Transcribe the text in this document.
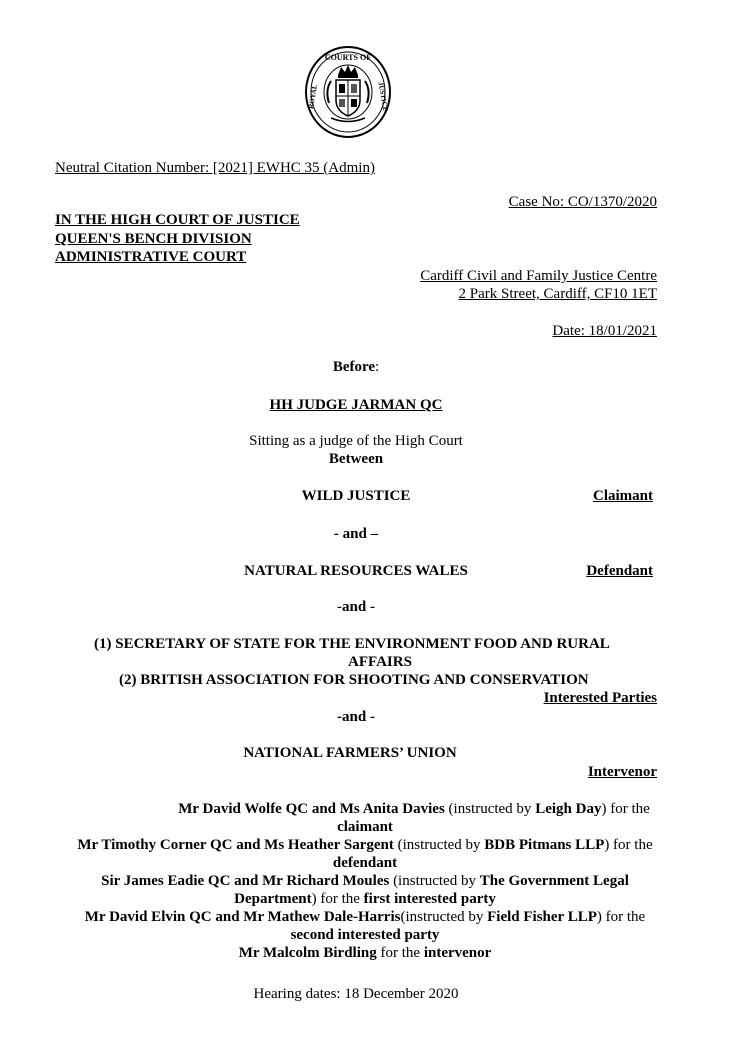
COURTS OF
ROYAL	JUSTICE
Neutral Citation Number: [2021] EWHC 35 (Admin)
Case No: CO/1370/2020
IN THE HIGH COURT OF JUSTICE
QUEEN'S BENCH DIVISION
ADMINISTRATIVE COURT
Cardiff Civil and Family Justice Centre
2 Park Street, Cardiff, CF10 1ET
Date: 18/01/2021
Before:
HH JUDGE JARMAN QC
Sitting as a judge of the High Court
Between
WILD JUSTICE	Claimant
- and –
NATURAL RESOURCES WALES	Defendant
-and -
(1) SECRETARY OF STATE FOR THE ENVIRONMENT FOOD AND RURAL
AFFAIRS
(2) BRITISH ASSOCIATION FOR SHOOTING AND CONSERVATION
Interested Parties
-and -
NATIONAL FARMERS’ UNION
Intervenor
Mr David Wolfe QC and Ms Anita Davies (instructed by Leigh Day) for the
claimant
Mr Timothy Corner QC and Ms Heather Sargent (instructed by BDB Pitmans LLP) for the
defendant
Sir James Eadie QC and Mr Richard Moules (instructed by The Government Legal
Department) for the first interested party
Mr David Elvin QC and Mr Mathew Dale-Harris(instructed by Field Fisher LLP) for the
second interested party
Mr Malcolm Birdling for the intervenor
Hearing dates: 18 December 2020
